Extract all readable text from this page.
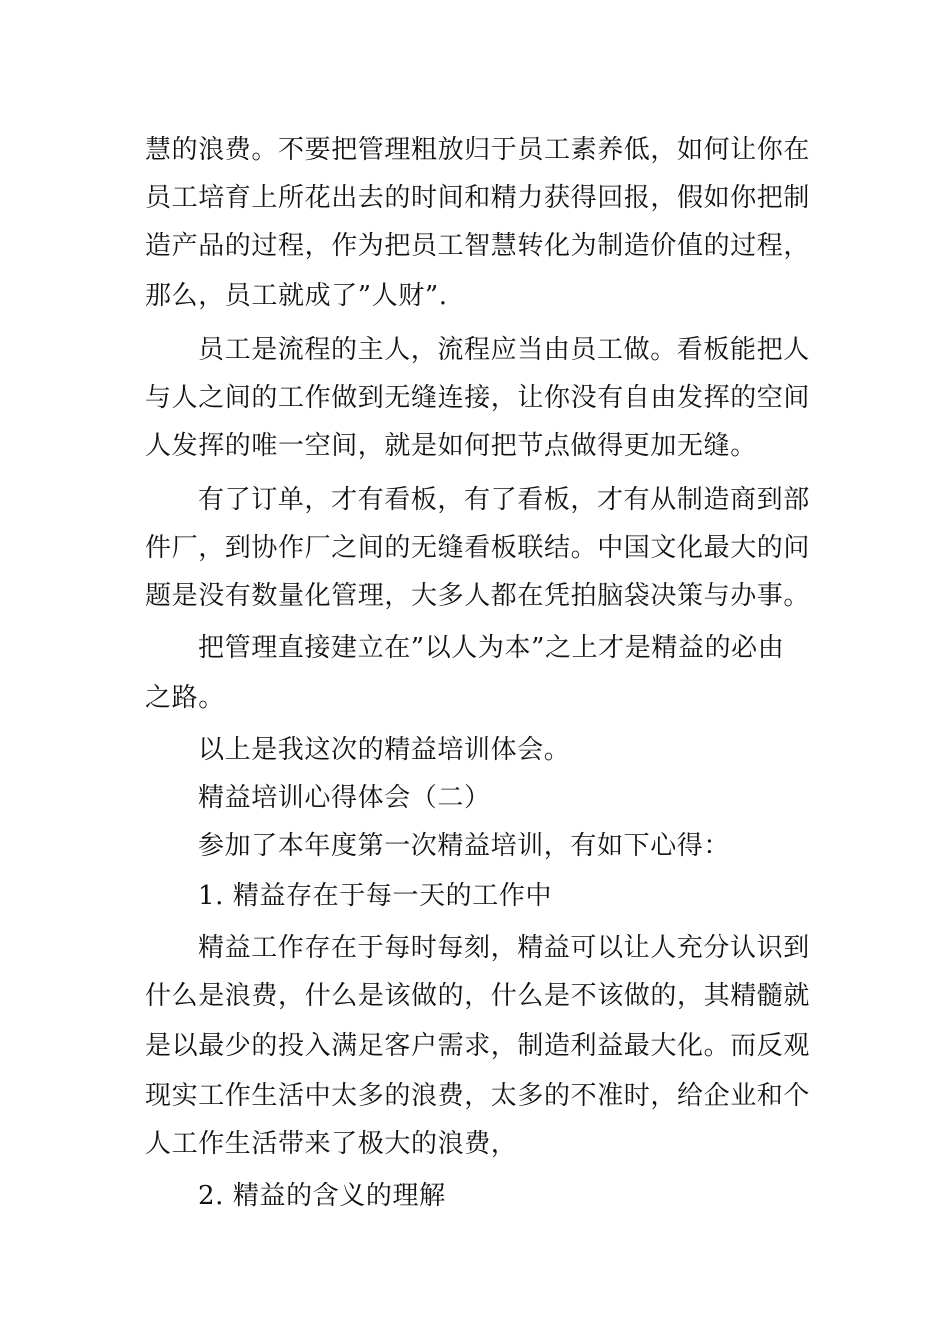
慧的浪费。不要把管理粗放归于员工素养低，如何让你在
员工培育上所花出去的时间和精力获得回报，假如你把制
造产品的过程，作为把员工智慧转化为制造价值的过程，
那么，员工就成了”人财”.
员工是流程的主人，流程应当由员工做。看板能把人
与人之间的工作做到无缝连接，让你没有自由发挥的空间
人发挥的唯一空间，就是如何把节点做得更加无缝。
有了订单，才有看板，有了看板，才有从制造商到部
件厂，到协作厂之间的无缝看板联结。中国文化最大的问
题是没有数量化管理，大多人都在凭拍脑袋决策与办事。
把管理直接建立在”以人为本”之上才是精益的必由
之路。
以上是我这次的精益培训体会。
精益培训心得体会（二）
参加了本年度第一次精益培训，有如下心得：
1. 精益存在于每一天的工作中
精益工作存在于每时每刻，精益可以让人充分认识到
什么是浪费，什么是该做的，什么是不该做的，其精髓就
是以最少的投入满足客户需求，制造利益最大化。而反观
现实工作生活中太多的浪费，太多的不准时，给企业和个
人工作生活带来了极大的浪费，
2. 精益的含义的理解
